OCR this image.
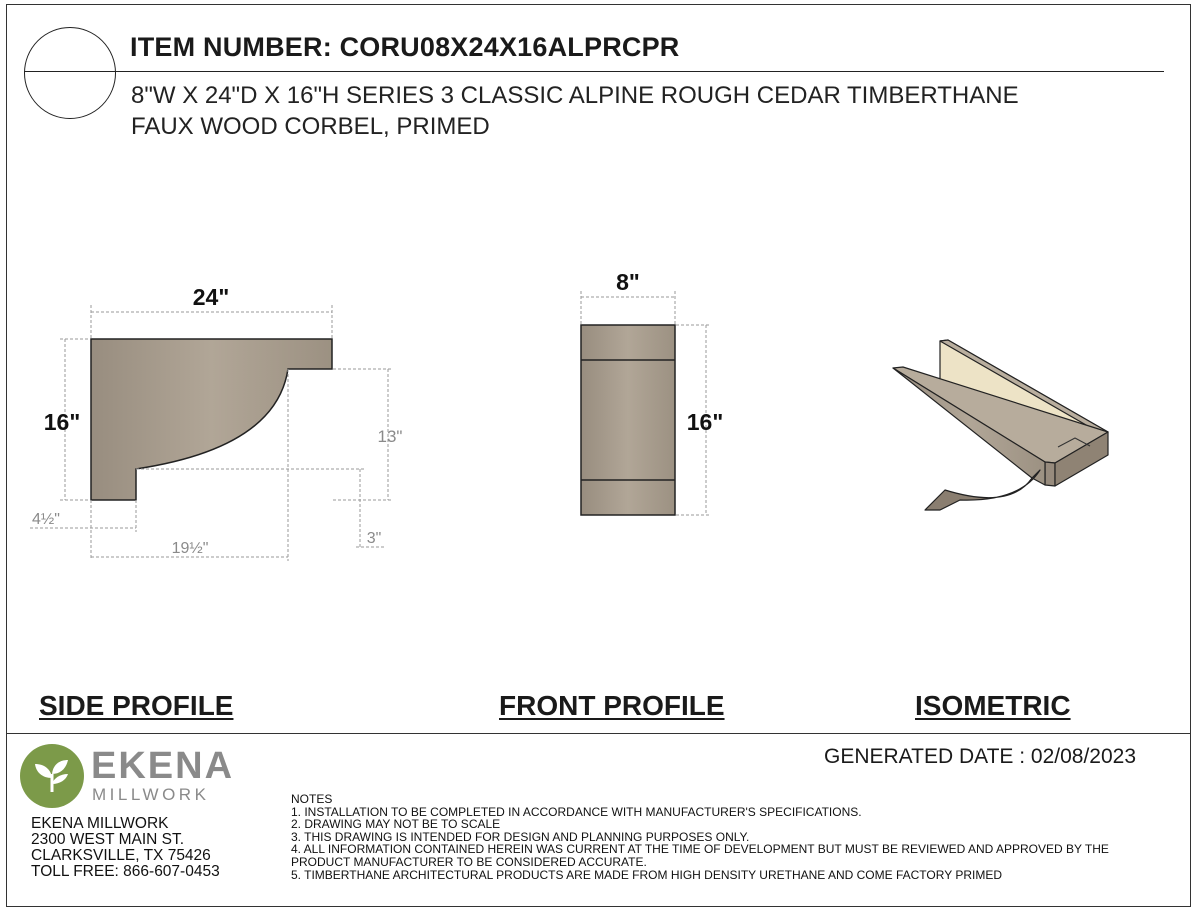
ITEM NUMBER: CORU08X24X16ALPRCPR
8"W X 24"D X 16"H SERIES 3 CLASSIC ALPINE ROUGH CEDAR TIMBERTHANE
FAUX WOOD CORBEL, PRIMED
24"
16"
13"
3"
4½"
19½"
8"
16"
SIDE PROFILE	FRONT PROFILE	ISOMETRIC
EKENA
MILLWORK
EKENA MILLWORK
2300 WEST MAIN ST.
CLARKSVILLE, TX 75426
TOLL FREE: 866-607-0453
GENERATED DATE : 02/08/2023
NOTES
1. INSTALLATION TO BE COMPLETED IN ACCORDANCE WITH MANUFACTURER'S SPECIFICATIONS.
2. DRAWING MAY NOT BE TO SCALE
3. THIS DRAWING IS INTENDED FOR DESIGN AND PLANNING PURPOSES ONLY.
4. ALL INFORMATION CONTAINED HEREIN WAS CURRENT AT THE TIME OF DEVELOPMENT BUT MUST BE REVIEWED AND APPROVED BY THE
PRODUCT MANUFACTURER TO BE CONSIDERED ACCURATE.
5. TIMBERTHANE ARCHITECTURAL PRODUCTS ARE MADE FROM HIGH DENSITY URETHANE AND COME FACTORY PRIMED
